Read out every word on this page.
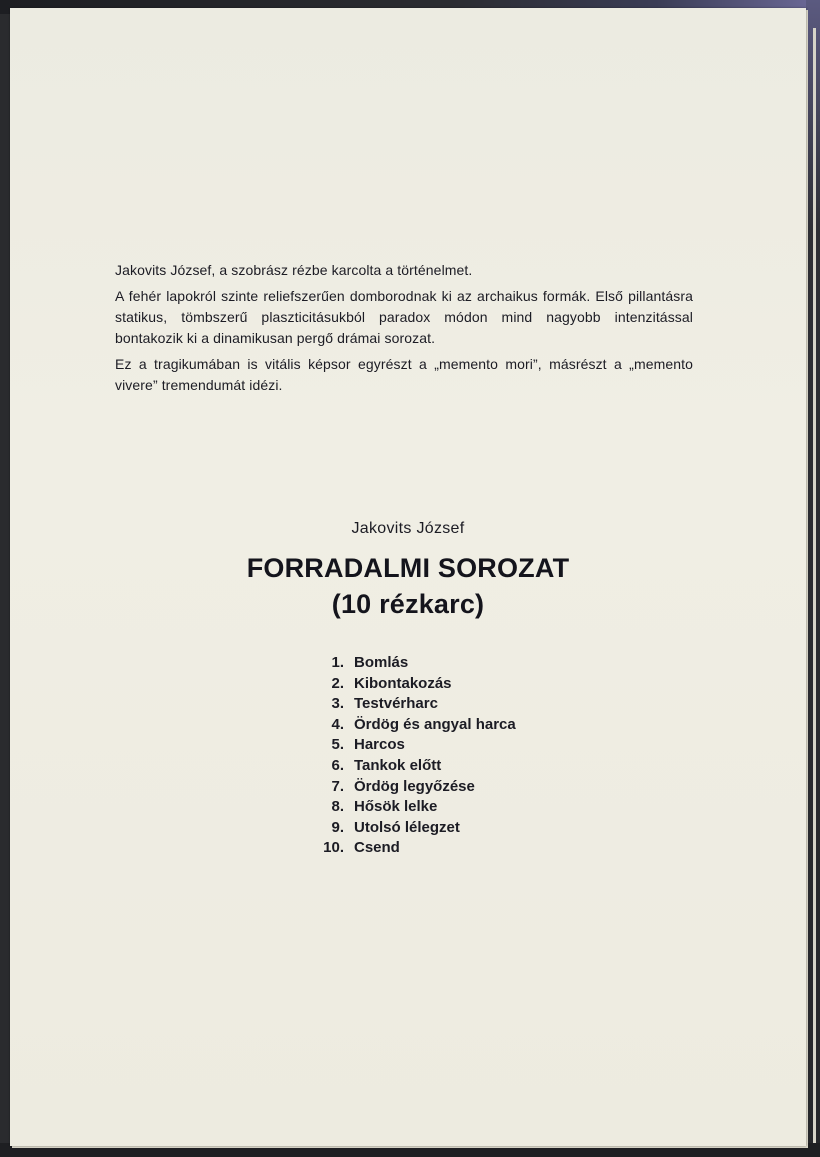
Jakovits József, a szobrász rézbe karcolta a történelmet.

A fehér lapokról szinte reliefszerűen domborodnak ki az archaikus formák. Első pillantásra statikus, tömbszerű plaszticitásukból paradox módon mind nagyobb intenzitással bontakozik ki a dinamikusan pergő drámai sorozat.

Ez a tragikumában is vitális képsor egyrészt a „memento mori”, másrészt a „memento vivere” tremendumát idézi.

Jakovits József
FORRADALMI SOROZAT
(10 rézkarc)
1. Bomlás
2. Kibontakozás
3. Testvérharc
4. Ördög és angyal harca
5. Harcos
6. Tankok előtt
7. Ördög legyőzése
8. Hősök lelke
9. Utolsó lélegzet
10. Csend
